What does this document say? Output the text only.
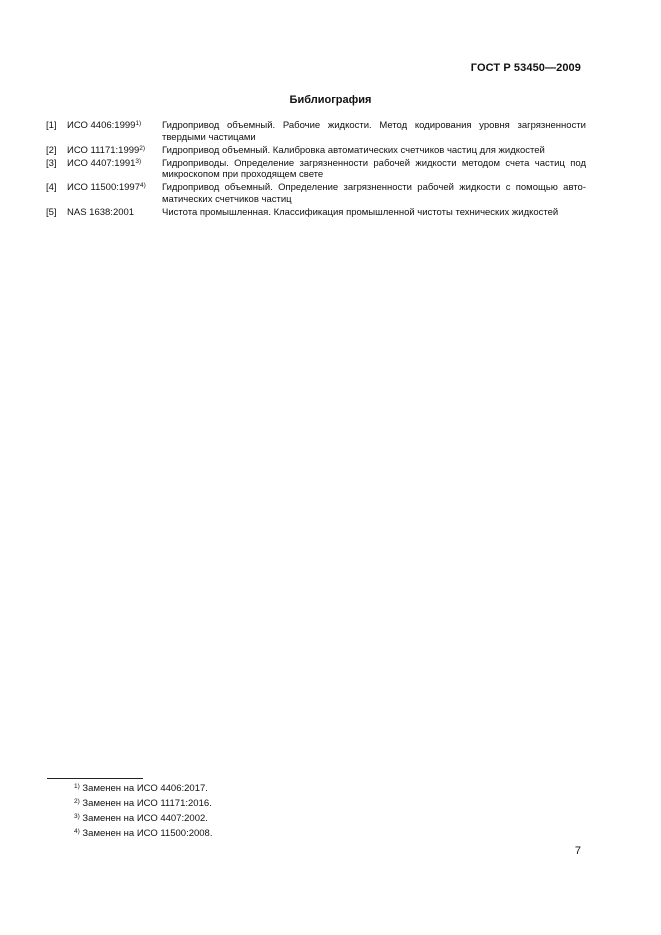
ГОСТ Р 53450—2009
Библиография
[1]	ИСО 4406:1999$^{1)}$	Гидропривод объемный. Рабочие жидкости. Метод кодирования уровня загрязненности твердыми частицами
[2]	ИСО 11171:1999$^{2)}$	Гидропривод объемный. Калибровка автоматических счетчиков частиц для жидкостей
[3]	ИСО 4407:1991$^{3)}$	Гидроприводы. Определение загрязненности рабочей жидкости методом счета частиц под микроскопом при проходящем свете
[4]	ИСО 11500:1997$^{4)}$	Гидропривод объемный. Определение загрязненности рабочей жидкости с помощью авто-матических счетчиков частиц
[5]	NAS 1638:2001	Чистота промышленная. Классификация промышленной чистоты технических жидкостей
$^{1)}$ Заменен на ИСО 4406:2017.
$^{2)}$ Заменен на ИСО 11171:2016.
$^{3)}$ Заменен на ИСО 4407:2002.
$^{4)}$ Заменен на ИСО 11500:2008.
7
